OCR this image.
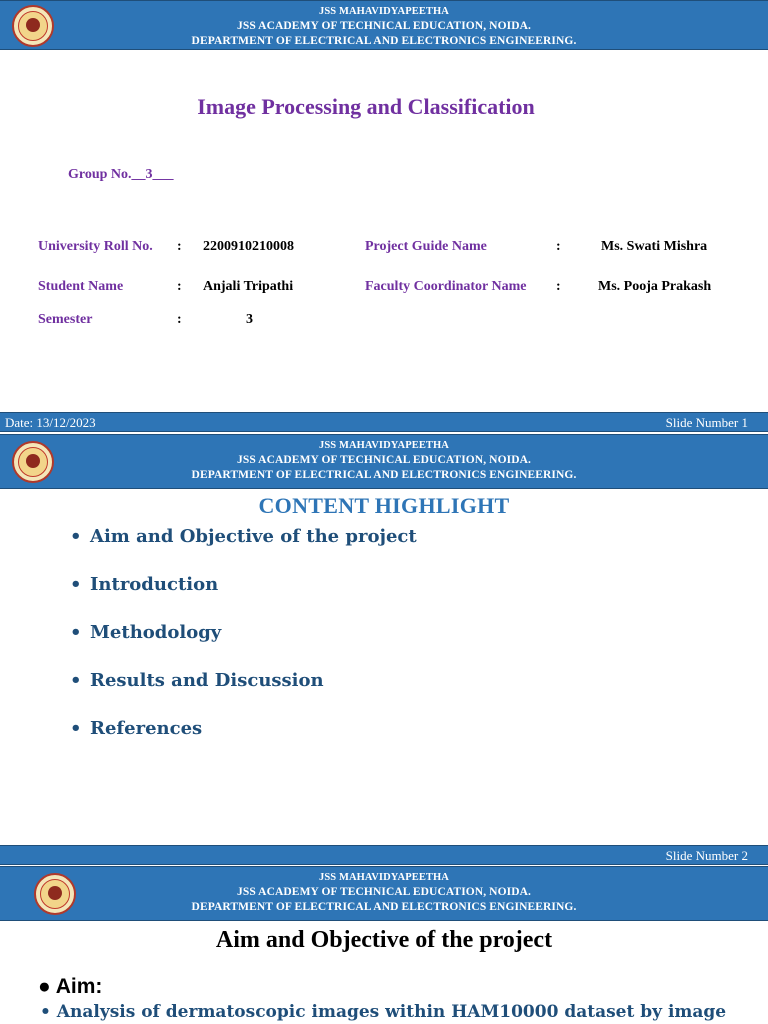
JSS MAHAVIDYAPEETHA
JSS ACADEMY OF TECHNICAL EDUCATION, NOIDA.
DEPARTMENT OF ELECTRICAL AND ELECTRONICS ENGINEERING.
Image Processing and Classification
Group No.__3___
University Roll No. : 2200910210008	Project Guide Name	:	Ms. Swati Mishra
Student Name	: Anjali Tripathi	Faculty Coordinator Name :	Ms. Pooja Prakash
Semester	:	3
Date: 13/12/2023	Slide Number 1
JSS MAHAVIDYAPEETHA
JSS ACADEMY OF TECHNICAL EDUCATION, NOIDA.
DEPARTMENT OF ELECTRICAL AND ELECTRONICS ENGINEERING.
CONTENT HIGHLIGHT
• Aim and Objective of the project
• Introduction
• Methodology
• Results and Discussion
• References
Slide Number 2
JSS MAHAVIDYAPEETHA
JSS ACADEMY OF TECHNICAL EDUCATION, NOIDA.
DEPARTMENT OF ELECTRICAL AND ELECTRONICS ENGINEERING.
Aim and Objective of the project
● Aim:
• Analysis of dermatoscopic images within HAM10000 dataset by image
